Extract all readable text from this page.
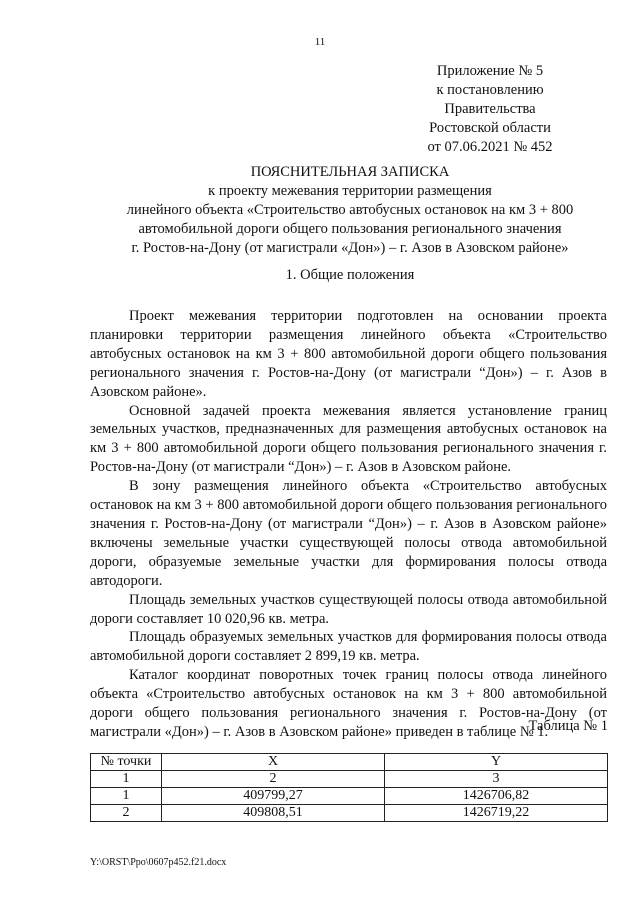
11
Приложение № 5
к постановлению
Правительства
Ростовской области
от 07.06.2021 № 452
ПОЯСНИТЕЛЬНАЯ ЗАПИСКА
к проекту межевания территории размещения
линейного объекта «Строительство автобусных остановок на км 3 + 800
автомобильной дороги общего пользования регионального значения
г. Ростов-на-Дону (от магистрали «Дон») – г. Азов в Азовском районе»
1. Общие положения

Проект межевания территории подготовлен на основании проекта планировки территории размещения линейного объекта «Строительство автобусных остановок на км 3 + 800 автомобильной дороги общего пользования регионального значения г. Ростов-на-Дону (от магистрали “Дон») – г. Азов в Азовском районе».

Основной задачей проекта межевания является установление границ земельных участков, предназначенных для размещения автобусных остановок на км 3 + 800 автомобильной дороги общего пользования регионального значения г. Ростов-на-Дону (от магистрали “Дон») – г. Азов в Азовском районе.

В зону размещения линейного объекта «Строительство автобусных остановок на км 3 + 800 автомобильной дороги общего пользования регионального значения г. Ростов-на-Дону (от магистрали “Дон») – г. Азов в Азовском районе» включены земельные участки существующей полосы отвода автомобильной дороги, образуемые земельные участки для формирования полосы отвода автодороги.

Площадь земельных участков существующей полосы отвода автомобильной дороги составляет 10 020,96 кв. метра.

Площадь образуемых земельных участков для формирования полосы отвода автомобильной дороги составляет 2 899,19 кв. метра.

Каталог координат поворотных точек границ полосы отвода линейного объекта «Строительство автобусных остановок на км 3 + 800 автомобильной дороги общего пользования регионального значения г. Ростов-на-Дону (от магистрали «Дон») – г. Азов в Азовском районе» приведен в таблице № 1.

Таблица № 1
№ точки	X	Y
1	2	3
1	409799,27	1426706,82
2	409808,51	1426719,22
Y:\ORST\Ppo\0607p452.f21.docx
